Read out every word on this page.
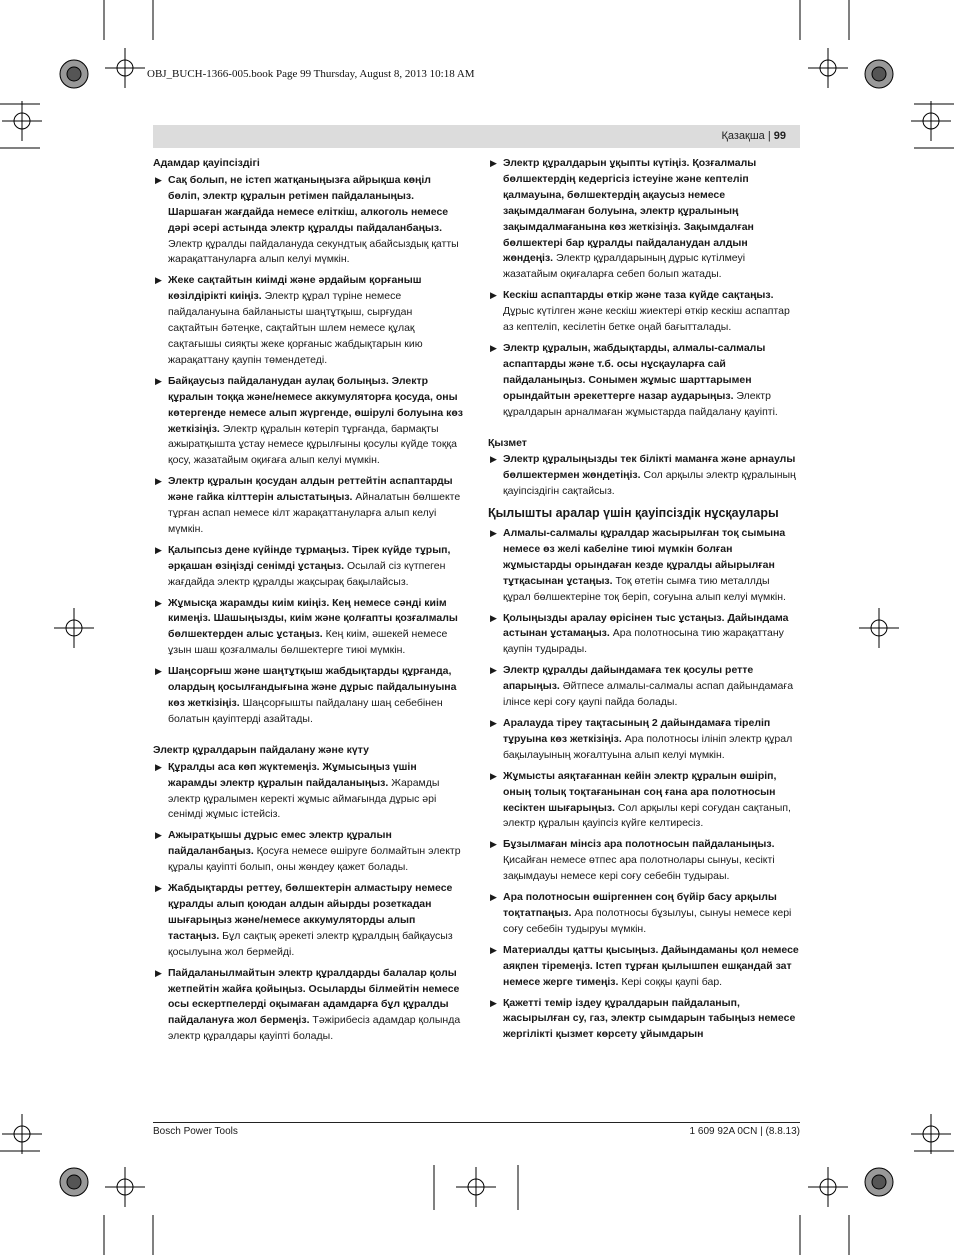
OBJ_BUCH-1366-005.book Page 99 Thursday, August 8, 2013 10:18 AM
Қазақша | 99
Адамдар қауіпсіздігі
▶ Сақ болып, не істеп жатқаныңызға айрықша көңіл бөліп, электр құралын ретімен пайдаланыңыз. Шаршаған жағдайда немесе еліткіш, алкоголь немесе дәрі әсері астында электр құралды пайдаланбаңыз. Электр құралды пайдалануда секундтық абайсыздық қатты жарақаттануларға алып келуі мүмкін.
▶ Жеке сақтайтын киімді және әрдайым қорғаныш көзілдірікті киіңіз. Электр құрал түріне немесе пайдалануына байланысты шаңтұтқыш, сырғудан сақтайтын бәтеңке, сақтайтын шлем немесе құлақ сақтағышы сияқты жеке қорғаныс жабдықтарын кию жарақаттану қаупін төмендетеді.
▶ Байқаусыз пайдаланудан аулақ болыңыз. Электр құралын тоққа және/немесе аккумуляторға қосуда, оны көтергенде немесе алып жүргенде, өшірулі болуына көз жеткізіңіз. Электр құралын көтеріп тұрғанда, бармақты ажыратқышта ұстау немесе құрылғыны қосулы күйде тоққа қосу, жазатайым оқиғаға алып келуі мүмкін.
▶ Электр құралын қосудан алдын реттейтін аспаптарды және гайка кілттерін алыстатыңыз. Айналатын бөлшекте тұрған аспап немесе кілт жарақаттануларға алып келуі мүмкін.
▶ Қалыпсыз дене күйінде тұрмаңыз. Тірек күйде тұрып, әрқашан өзіңізді сенімді ұстаңыз. Осылай сіз күтпеген жағдайда электр құралды жақсырақ бақылайсыз.
▶ Жұмысқа жарамды киім киіңіз. Кең немесе сәнді киім кимеңіз. Шашыңызды, киім және қолғапты қозғалмалы бөлшектерден алыс ұстаңыз. Кең киім, әшекей немесе ұзын шаш қозғалмалы бөлшектерге тиюі мүмкін.
▶ Шаңсорғыш және шаңтұтқыш жабдықтарды құрғанда, олардың қосылғандығына және дұрыс пайдалынуына көз жеткізіңіз. Шаңсорғышты пайдалану шаң себебінен болатын қауіптерді азайтады.
Электр құралдарын пайдалану және күту
▶ Құралды аса көп жүктемеңіз. Жұмысыңыз үшін жарамды электр құралын пайдаланыңыз. Жарамды электр құралымен керекті жұмыс аймағында дұрыс әрі сенімді жұмыс істейсіз.
▶ Ажыратқышы дұрыс емес электр құралын пайдаланбаңыз. Қосуға немесе өшіруге болмайтын электр құралы қауіпті болып, оны жөндеу қажет болады.
▶ Жабдықтарды реттеу, бөлшектерін алмастыру немесе құралды алып қоюдан алдын айырды розеткадан шығарыңыз және/немесе аккумуляторды алып тастаңыз. Бұл сақтық әрекеті электр құралдың байқаусыз қосылуына жол бермейді.
▶ Пайдаланылмайтын электр құралдарды балалар қолы жетпейтін жайға қойыңыз. Осыларды білмейтін немесе осы ескертпелерді оқымаған адамдарға бұл құралды пайдалануға жол бермеңіз. Тәжірибесіз адамдар қолында электр құралдары қауіпті болады.
▶ Электр құралдарын ұқыпты күтіңіз. Қозғалмалы бөлшектердің кедергісіз істеуіне және кептеліп қалмауына, бөлшектердің ақаусыз немесе зақымдалмаған болуына, электр құралының зақымдалмағанына көз жеткізіңіз. Зақымдалған бөлшектері бар құралды пайдаланудан алдын жөндеңіз. Электр құралдарының дұрыс күтілмеуі жазатайым оқиғаларға себеп болып жатады.
▶ Кескіш аспаптарды өткір және таза күйде сақтаңыз. Дұрыс күтілген және кескіш жиектері өткір кескіш аспаптар аз кептеліп, кесілетін бетке оңай бағытталады.
▶ Электр құралын, жабдықтарды, алмалы-салмалы аспаптарды және т.б. осы нұсқауларға сай пайдаланыңыз. Сонымен жұмыс шарттарымен орындайтын әрекеттерге назар аударыңыз. Электр құралдарын арналмаған жұмыстарда пайдалану қауіпті.
Қызмет
▶ Электр құралыңызды тек білікті маманға және арнаулы бөлшектермен жөндетіңіз. Сол арқылы электр құралының қауіпсіздігін сақтайсыз.
Қылышты аралар үшін қауіпсіздік нұсқаулары
▶ Алмалы-салмалы құралдар жасырылған тоқ сымына немесе өз желі кабеліне тиюі мүмкін болған жұмыстарды орындаған кезде құралды айырылған тұтқасынан ұстаңыз. Тоқ өтетін сымға тию металлды құрал бөлшектеріне тоқ беріп, соғуына алып келуі мүмкін.
▶ Қолыңызды аралау өрісінен тыс ұстаңыз. Дайындама астынан ұстамаңыз. Ара полотносына тию жарақаттану қаупін тудырады.
▶ Электр құралды дайындамаға тек қосулы ретте апарыңыз. Әйтпесе алмалы-салмалы аспап дайындамаға ілінсе кері соғу қаупі пайда болады.
▶ Аралауда тіреу тақтасының 2 дайындамаға тіреліп тұруына көз жеткізіңіз. Ара полотносы ілініп электр құрал бақылауының жоғалтуына алып келуі мүмкін.
▶ Жұмысты аяқтағаннан кейін электр құралын өшіріп, оның толық тоқтағанынан соң ғана ара полотносын кесіктен шығарыңыз. Сол арқылы кері соғудан сақтанып, электр құралын қауіпсіз күйге келтиресіз.
▶ Бұзылмаған мінсіз ара полотносын пайдаланыңыз. Қисайған немесе өтпес ара полотнолары сынуы, кесіктi зақымдауы немесе кері соғу себебін тудыраы.
▶ Ара полотносын өшіргеннен соң бүйір басу арқылы тоқтатпаңыз. Ара полотносы бұзылуы, сынуы немесе кері соғу себебін тудыруы мүмкін.
▶ Материалды қатты қысыңыз. Дайындаманы қол немесе аяқпен тіремеңіз. Істеп тұрған қылышпен ешқандай зат немесе жерге тимеңіз. Кері соққы қаупі бар.
▶ Қажетті темір іздеу құралдарын пайдаланып, жасырылған су, газ, электр сымдарын табыңыз немесе жергілікті қызмет көрсету ұйымдарын
Bosch Power Tools	1 609 92A 0CN | (8.8.13)
